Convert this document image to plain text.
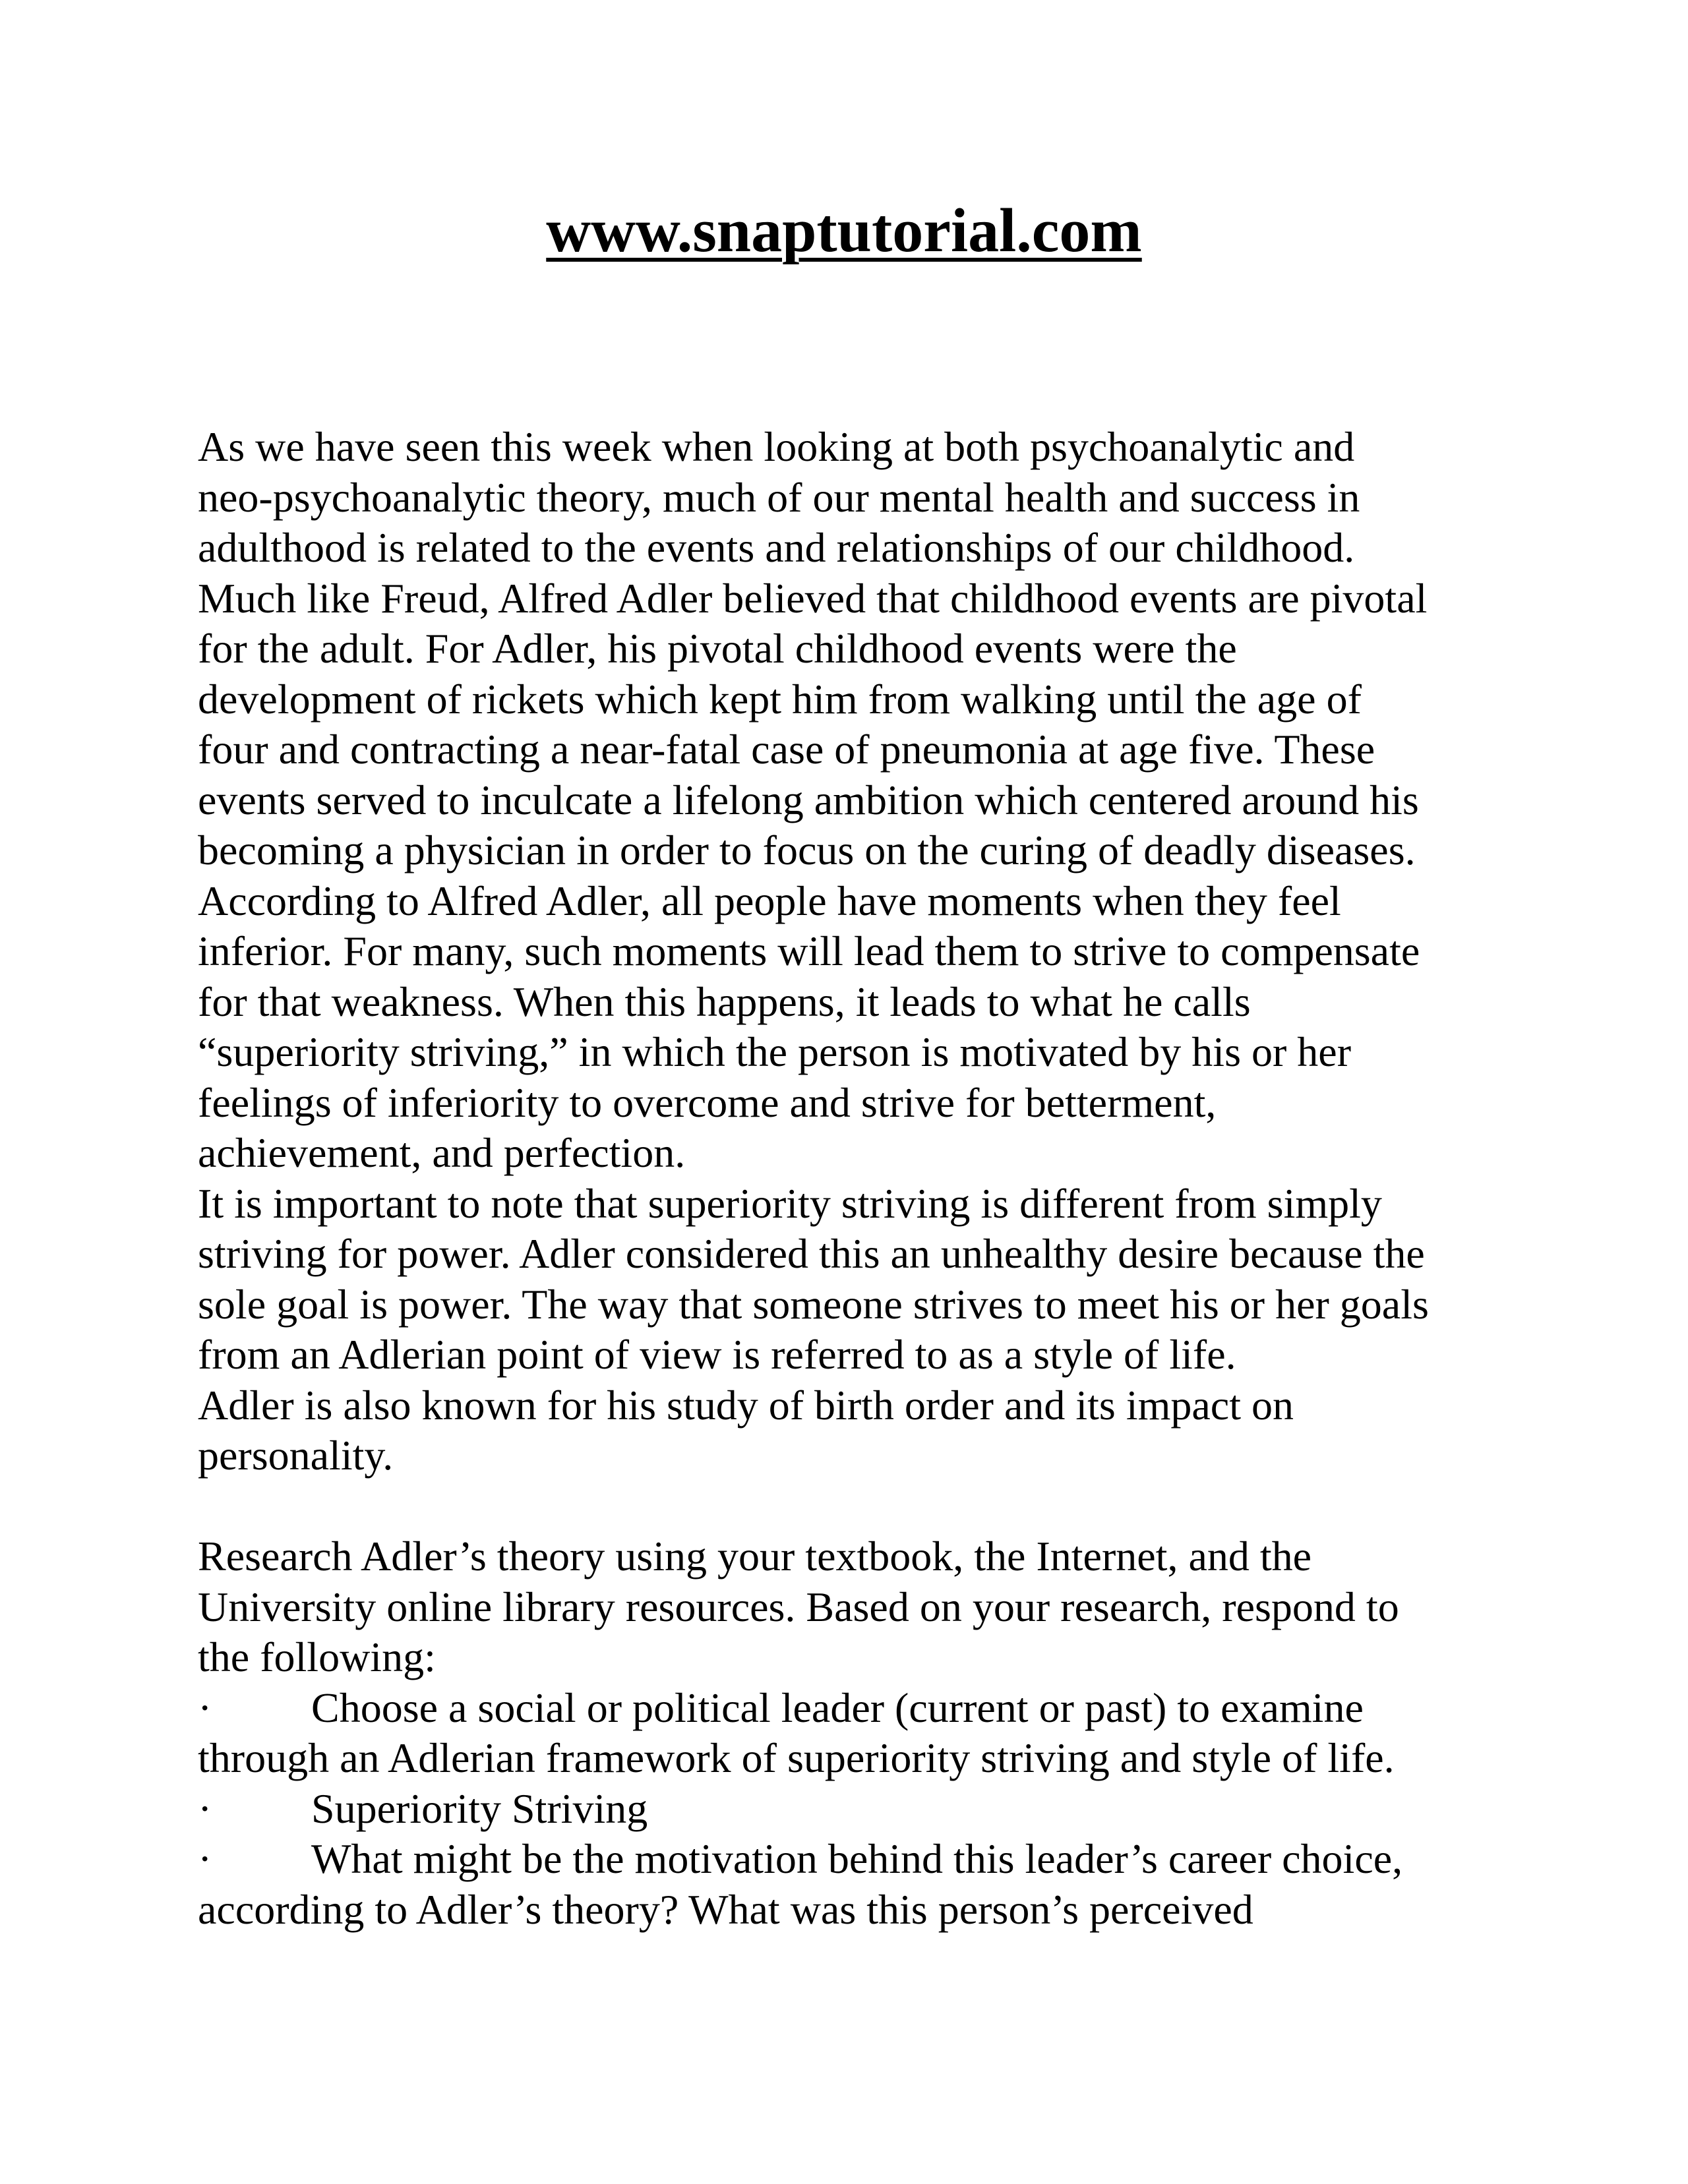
www.snaptutorial.com
As we have seen this week when looking at both psychoanalytic and
neo-psychoanalytic theory, much of our mental health and success in
adulthood is related to the events and relationships of our childhood.
Much like Freud, Alfred Adler believed that childhood events are pivotal
for the adult. For Adler, his pivotal childhood events were the
development of rickets which kept him from walking until the age of
four and contracting a near-fatal case of pneumonia at age five. These
events served to inculcate a lifelong ambition which centered around his
becoming a physician in order to focus on the curing of deadly diseases.
According to Alfred Adler, all people have moments when they feel
inferior. For many, such moments will lead them to strive to compensate
for that weakness. When this happens, it leads to what he calls
“superiority striving,” in which the person is motivated by his or her
feelings of inferiority to overcome and strive for betterment,
achievement, and perfection.
It is important to note that superiority striving is different from simply
striving for power. Adler considered this an unhealthy desire because the
sole goal is power. The way that someone strives to meet his or her goals
from an Adlerian point of view is referred to as a style of life.
Adler is also known for his study of birth order and its impact on
personality.
Research Adler’s theory using your textbook, the Internet, and the
University online library resources. Based on your research, respond to
the following:

·

Choose a social or political leader (current or past) to examine

through an Adlerian framework of superiority striving and style of life.

·

Superiority Striving

·

What might be the motivation behind this leader’s career choice,

according to Adler’s theory? What was this person’s perceived
